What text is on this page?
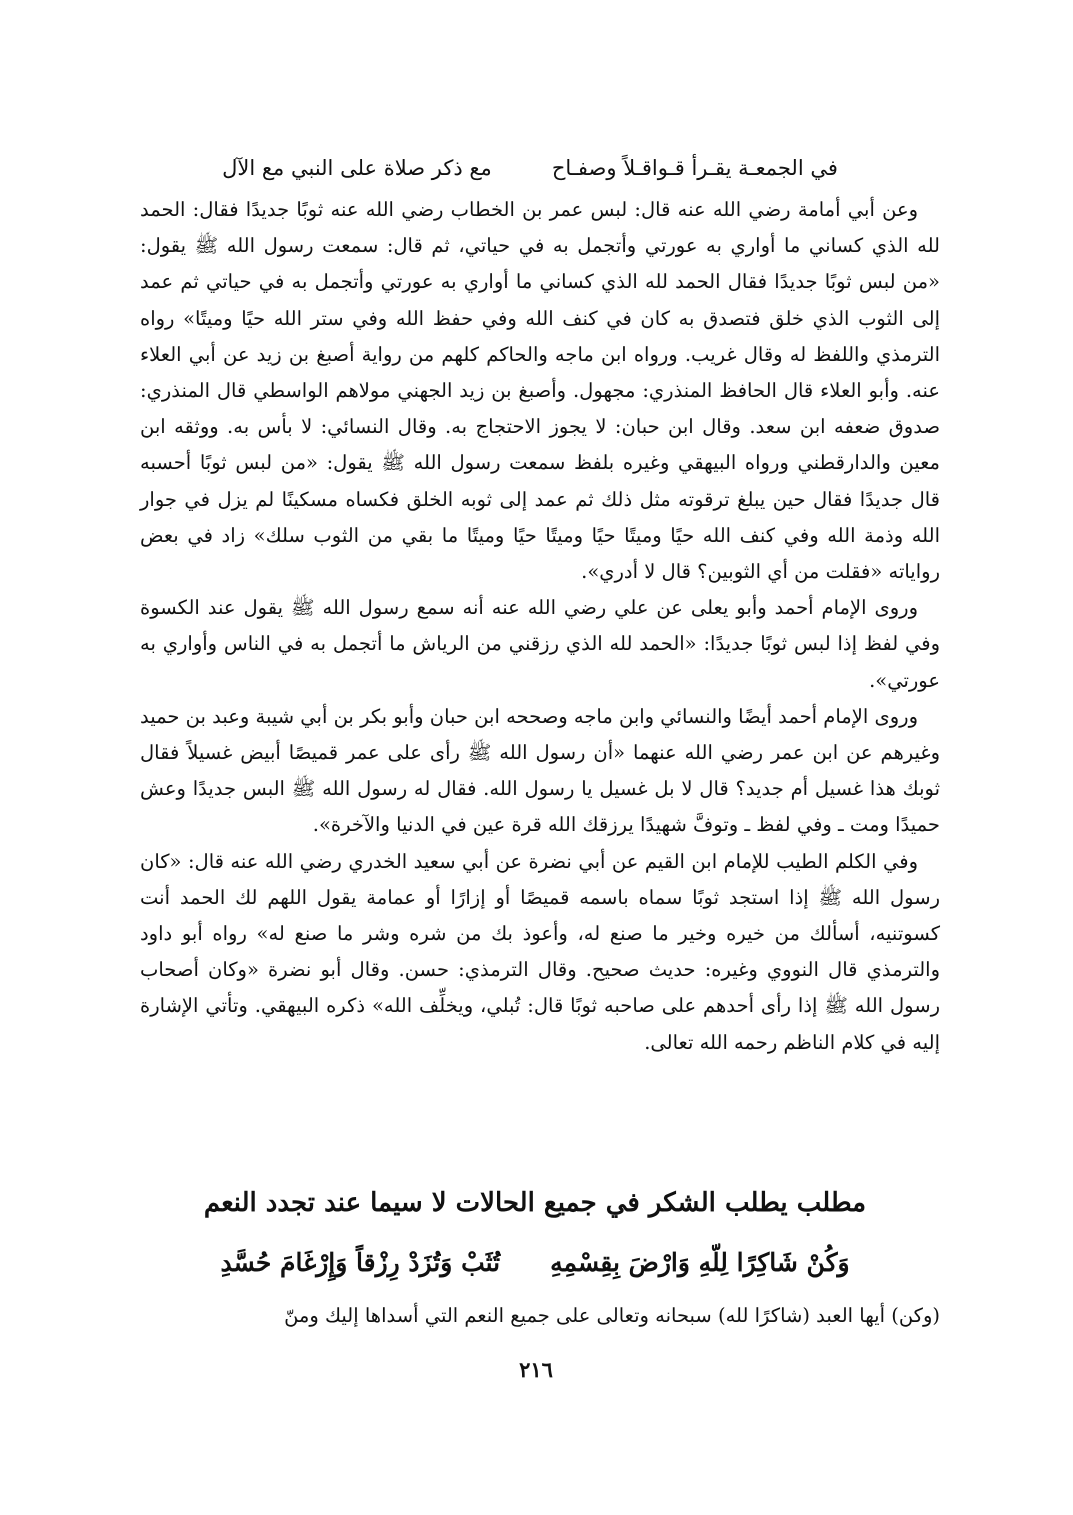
في الجمعـة يقـرأ قـواقـلاً وصفـاح
مع ذكر صلاة على النبي مع الآل

وعن أبي أمامة رضي الله عنه قال: لبس عمر بن الخطاب رضي الله عنه ثوبًا جديدًا فقال: الحمد لله الذي كساني ما أواري به عورتي وأتجمل به في حياتي، ثم قال: سمعت رسول الله ﷺ يقول: «من لبس ثوبًا جديدًا فقال الحمد لله الذي كساني ما أواري به عورتي وأتجمل به في حياتي ثم عمد إلى الثوب الذي خلق فتصدق به كان في كنف الله وفي حفظ الله وفي ستر الله حيًا وميتًا» رواه الترمذي واللفظ له وقال غريب. ورواه ابن ماجه والحاكم كلهم من رواية أصبغ بن زيد عن أبي العلاء عنه. وأبو العلاء قال الحافظ المنذري: مجهول. وأصبغ بن زيد الجهني مولاهم الواسطي قال المنذري: صدوق ضعفه ابن سعد. وقال ابن حبان: لا يجوز الاحتجاج به. وقال النسائي: لا بأس به. ووثقه ابن معين والدارقطني ورواه البيهقي وغيره بلفظ سمعت رسول الله ﷺ يقول: «من لبس ثوبًا أحسبه قال جديدًا فقال حين يبلغ ترقوته مثل ذلك ثم عمد إلى ثوبه الخلق فكساه مسكينًا لم يزل في جوار الله وذمة الله وفي كنف الله حيًا وميتًا حيًا وميتًا حيًا وميتًا ما بقي من الثوب سلك» زاد في بعض رواياته «فقلت من أي الثوبين؟ قال لا أدري».

وروى الإمام أحمد وأبو يعلى عن علي رضي الله عنه أنه سمع رسول الله ﷺ يقول عند الكسوة وفي لفظ إذا لبس ثوبًا جديدًا: «الحمد لله الذي رزقني من الرياش ما أتجمل به في الناس وأواري به عورتي».

وروى الإمام أحمد أيضًا والنسائي وابن ماجه وصححه ابن حبان وأبو بكر بن أبي شيبة وعبد بن حميد وغيرهم عن ابن عمر رضي الله عنهما «أن رسول الله ﷺ رأى على عمر قميصًا أبيض غسيلاً فقال ثوبك هذا غسيل أم جديد؟ قال لا بل غسيل يا رسول الله. فقال له رسول الله ﷺ البس جديدًا وعش حميدًا ومت ـ وفي لفظ ـ وتوفَّ شهيدًا يرزقك الله قرة عين في الدنيا والآخرة».

وفي الكلم الطيب للإمام ابن القيم عن أبي نضرة عن أبي سعيد الخدري رضي الله عنه قال: «كان رسول الله ﷺ إذا استجد ثوبًا سماه باسمه قميصًا أو إزارًا أو عمامة يقول اللهم لك الحمد أنت كسوتنيه، أسألك من خيره وخير ما صنع له، وأعوذ بك من شره وشر ما صنع له» رواه أبو داود والترمذي قال النووي وغيره: حديث صحيح. وقال الترمذي: حسن. وقال أبو نضرة «وكان أصحاب رسول الله ﷺ إذا رأى أحدهم على صاحبه ثوبًا قال: تُبلي، ويخلِّف الله» ذكره البيهقي. وتأتي الإشارة إليه في كلام الناظم رحمه الله تعالى.

مطلب يطلب الشكر في جميع الحالات لا سيما عند تجدد النعم
وَكُنْ شَاكِرًا لِلّهِ وَارْضَ بِقِسْمِهِ
تُثَبْ وَتُزَدْ رِزْقاً وَإِرْغَامَ حُسَّدِ
(وكن) أيها العبد (شاكرًا لله) سبحانه وتعالى على جميع النعم التي أسداها إليك ومنّ
٢١٦
